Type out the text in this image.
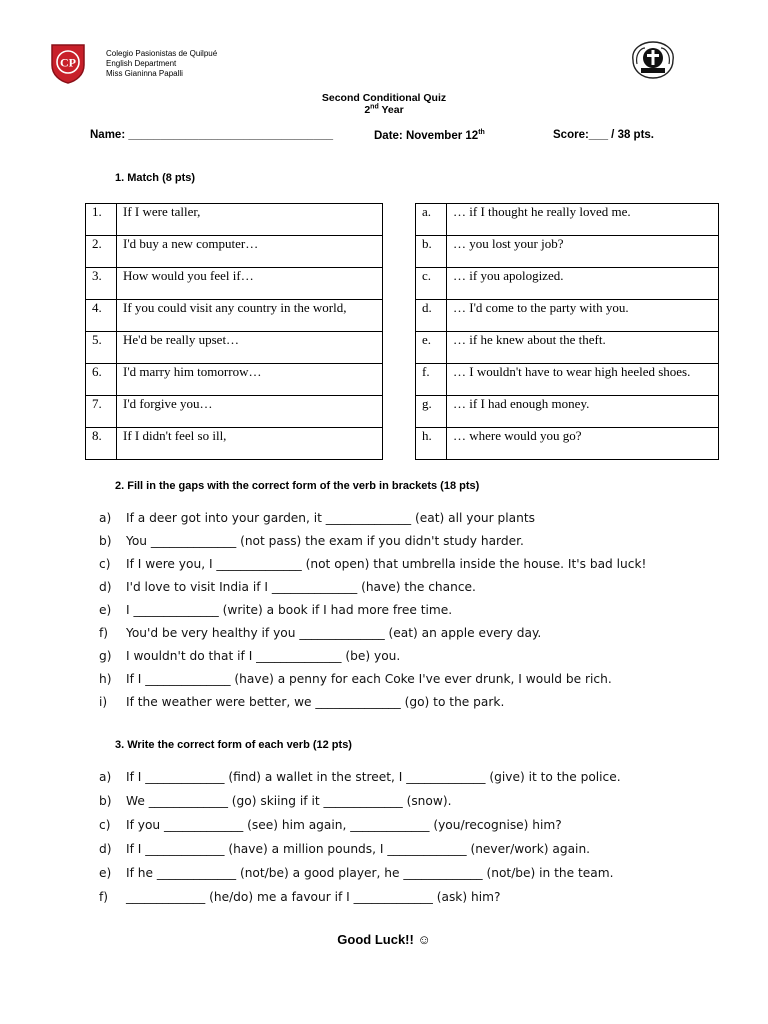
CP
Colegio Pasionistas de Quilpué
English Department
Miss Gianinna Papalli
Second Conditional Quiz
2nd Year
Name: ________________________________	Date: November 12th	Score:___ / 38 pts.
1. Match (8 pts)
1.	If I were taller,
2.	I'd buy a new computer…
3.	How would you feel if…
4.	If you could visit any country in the world,
5.	He'd be really upset…
6.	I'd marry him tomorrow…
7.	I'd forgive you…
8.	If I didn't feel so ill,
a.	… if I thought he really loved me.
b.	… you lost your job?
c.	… if you apologized.
d.	… I'd come to the party with you.
e.	… if he knew about the theft.
f.	… I wouldn't have to wear high heeled shoes.
g.	… if I had enough money.
h.	… where would you go?
2. Fill in the gaps with the correct form of the verb in brackets (18 pts)
a) If a deer got into your garden, it ______________ (eat) all your plants
b) You ______________ (not pass) the exam if you didn't study harder.
c) If I were you, I ______________ (not open) that umbrella inside the house. It's bad luck!
d) I'd love to visit India if I ______________ (have) the chance.
e) I ______________ (write) a book if I had more free time.
f) You'd be very healthy if you ______________ (eat) an apple every day.
g) I wouldn't do that if I ______________ (be) you.
h) If I ______________ (have) a penny for each Coke I've ever drunk, I would be rich.
i) If the weather were better, we ______________ (go) to the park.
3. Write the correct form of each verb (12 pts)
a) If I _____________ (find) a wallet in the street, I _____________ (give) it to the police.
b) We _____________ (go) skiing if it _____________ (snow).
c) If you _____________ (see) him again, _____________ (you/recognise) him?
d) If I _____________ (have) a million pounds, I _____________ (never/work) again.
e) If he _____________ (not/be) a good player, he _____________ (not/be) in the team.
f) _____________ (he/do) me a favour if I _____________ (ask) him?
Good Luck!! ☺
